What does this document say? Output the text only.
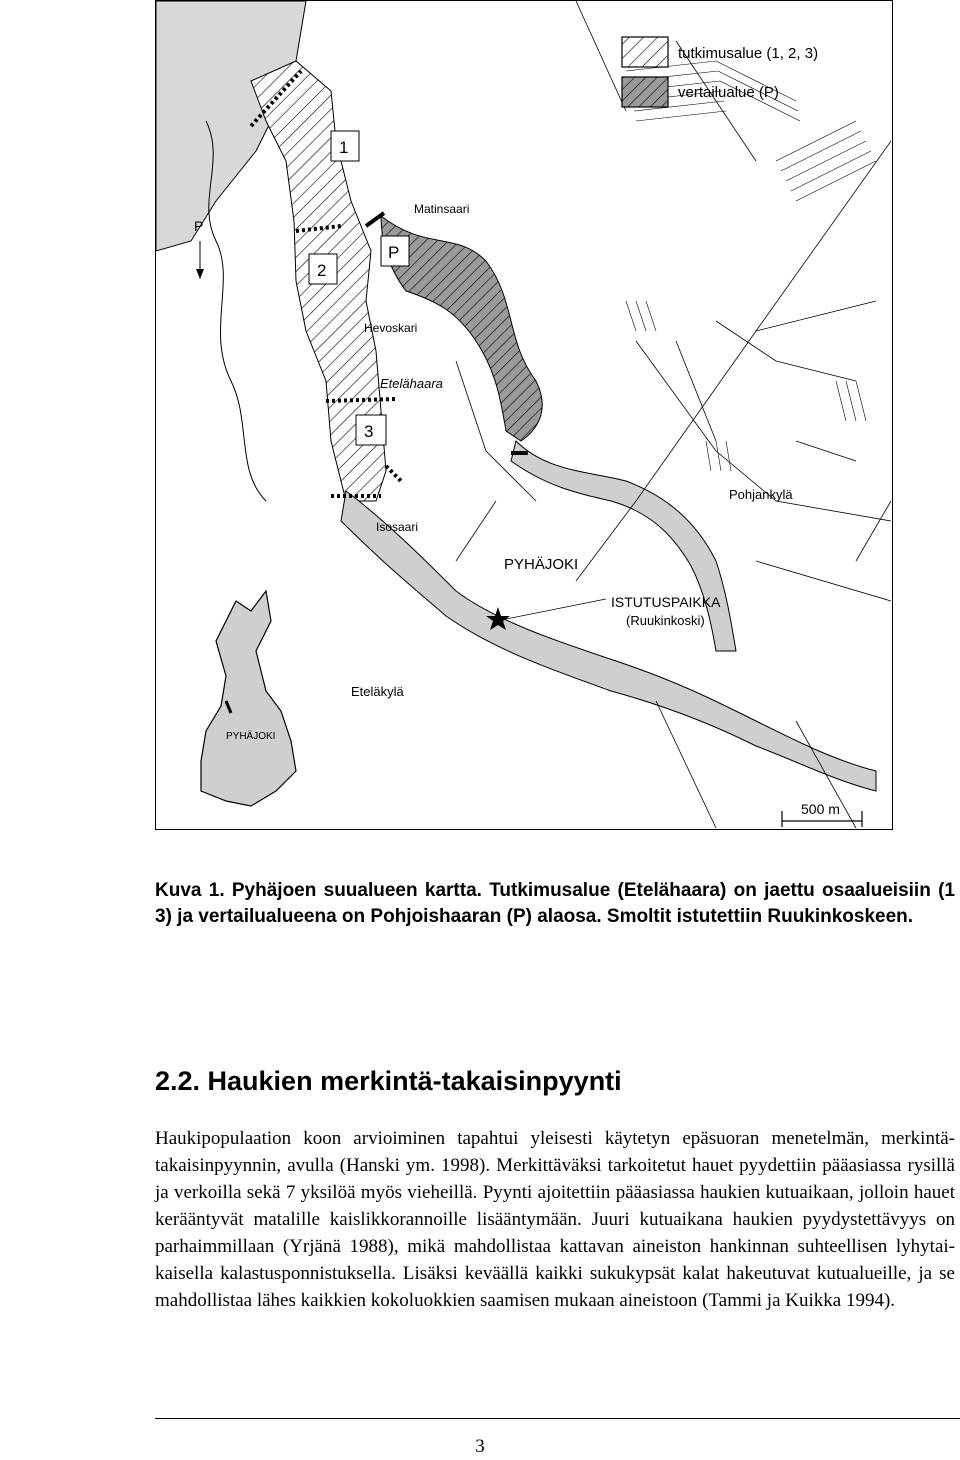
tutkimusalue (1, 2, 3)
vertailualue (P)
1
2
P
3
P
Matinsaari
Hevoskari
Etelähaara
Pohjankylä
Isosaari
PYHÄJOKI
ISTUTUSPAIKKA
(Ruukinkoski)
Eteläkylä
PYHÄJOKI
500 m

Kuva 1. Pyhäjoen suualueen kartta. Tutkimusalue (Etelähaara) on jaettu osaalueisiin (1 3) ja vertailualueena on Pohjoishaaran (P) alaosa. Smoltit istutettiin Ruukinkoskeen.

2.2. Haukien merkintä-takaisinpyynti

Haukipopulaation koon arvioiminen tapahtui yleisesti käytetyn epäsuoran menetelmän, merkintä-takaisinpyynnin, avulla (Hanski ym. 1998). Merkittäväksi tarkoitetut hauet pyydettiin pääasiassa rysillä ja verkoilla sekä 7 yksilöä myös vieheillä. Pyynti ajoitettiin pääasiassa haukien kutuaikaan, jolloin hauet kerääntyvät matalille kaislikkorannoille lisääntymään. Juuri kutuaikana haukien pyydystettävyys on parhaimmillaan (Yrjänä 1988), mikä mahdollistaa kattavan aineiston hankinnan suhteellisen lyhytaikaisella kalastusponnistuksella. Lisäksi keväällä kaikki sukukypsät kalat hakeutuvat kutualueille, ja se mahdollistaa lähes kaikkien kokoluokkien saamisen mukaan ainеistoon (Tammi ja Kuikka 1994).

3
